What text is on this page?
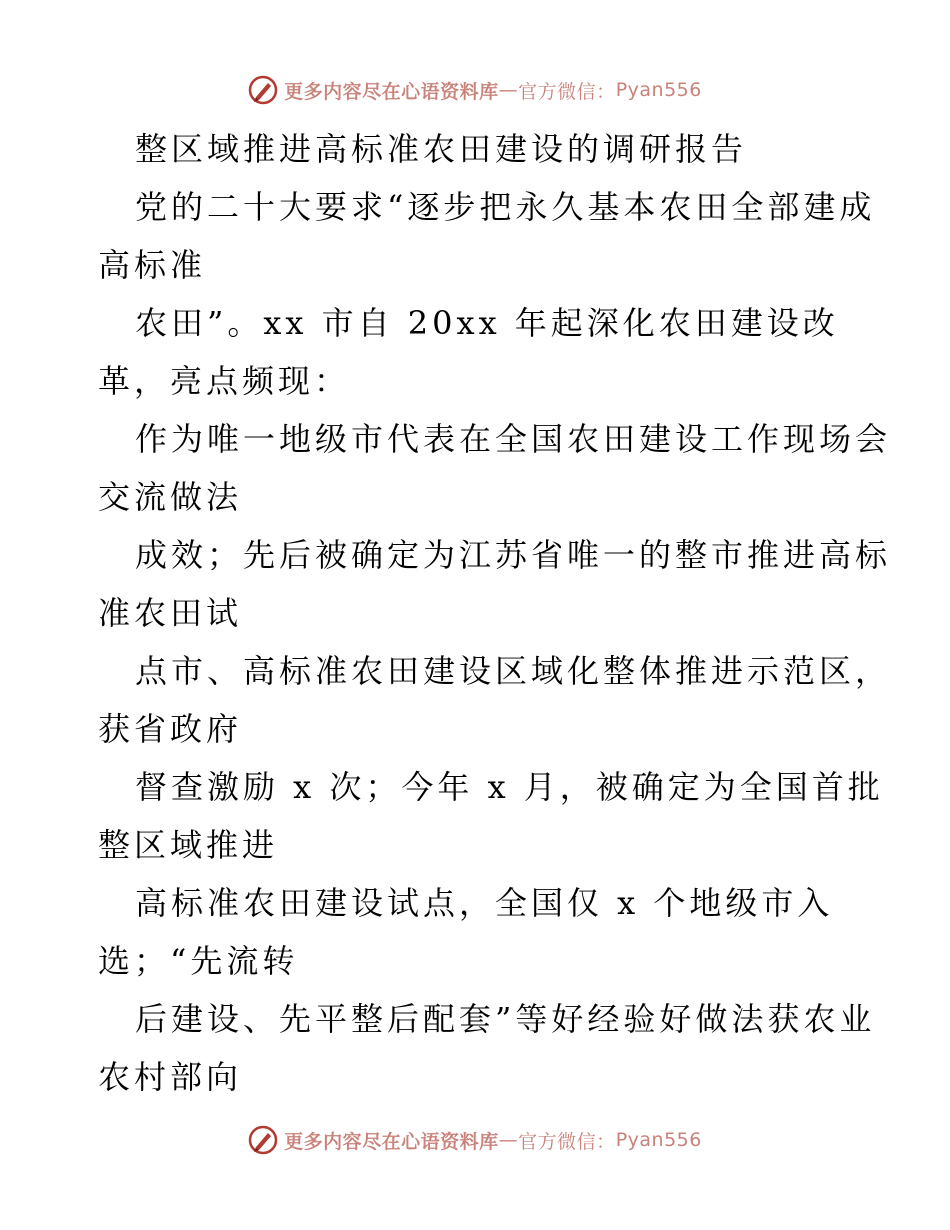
更多内容尽在心语资料库 — 官方微信： Pyan556
整区域推进高标准农田建设的调研报告
党的二十大要求“逐步把永久基本农田全部建成
高标准
农田”。xx 市自 20xx 年起深化农田建设改
革，亮点频现：
作为唯一地级市代表在全国农田建设工作现场会
交流做法
成效；先后被确定为江苏省唯一的整市推进高标
准农田试
点市、高标准农田建设区域化整体推进示范区，
获省政府
督查激励 x 次；今年 x 月，被确定为全国首批
整区域推进
高标准农田建设试点，全国仅 x 个地级市入
选；“先流转
后建设、先平整后配套”等好经验好做法获农业
农村部向
更多内容尽在心语资料库 — 官方微信： Pyan556
